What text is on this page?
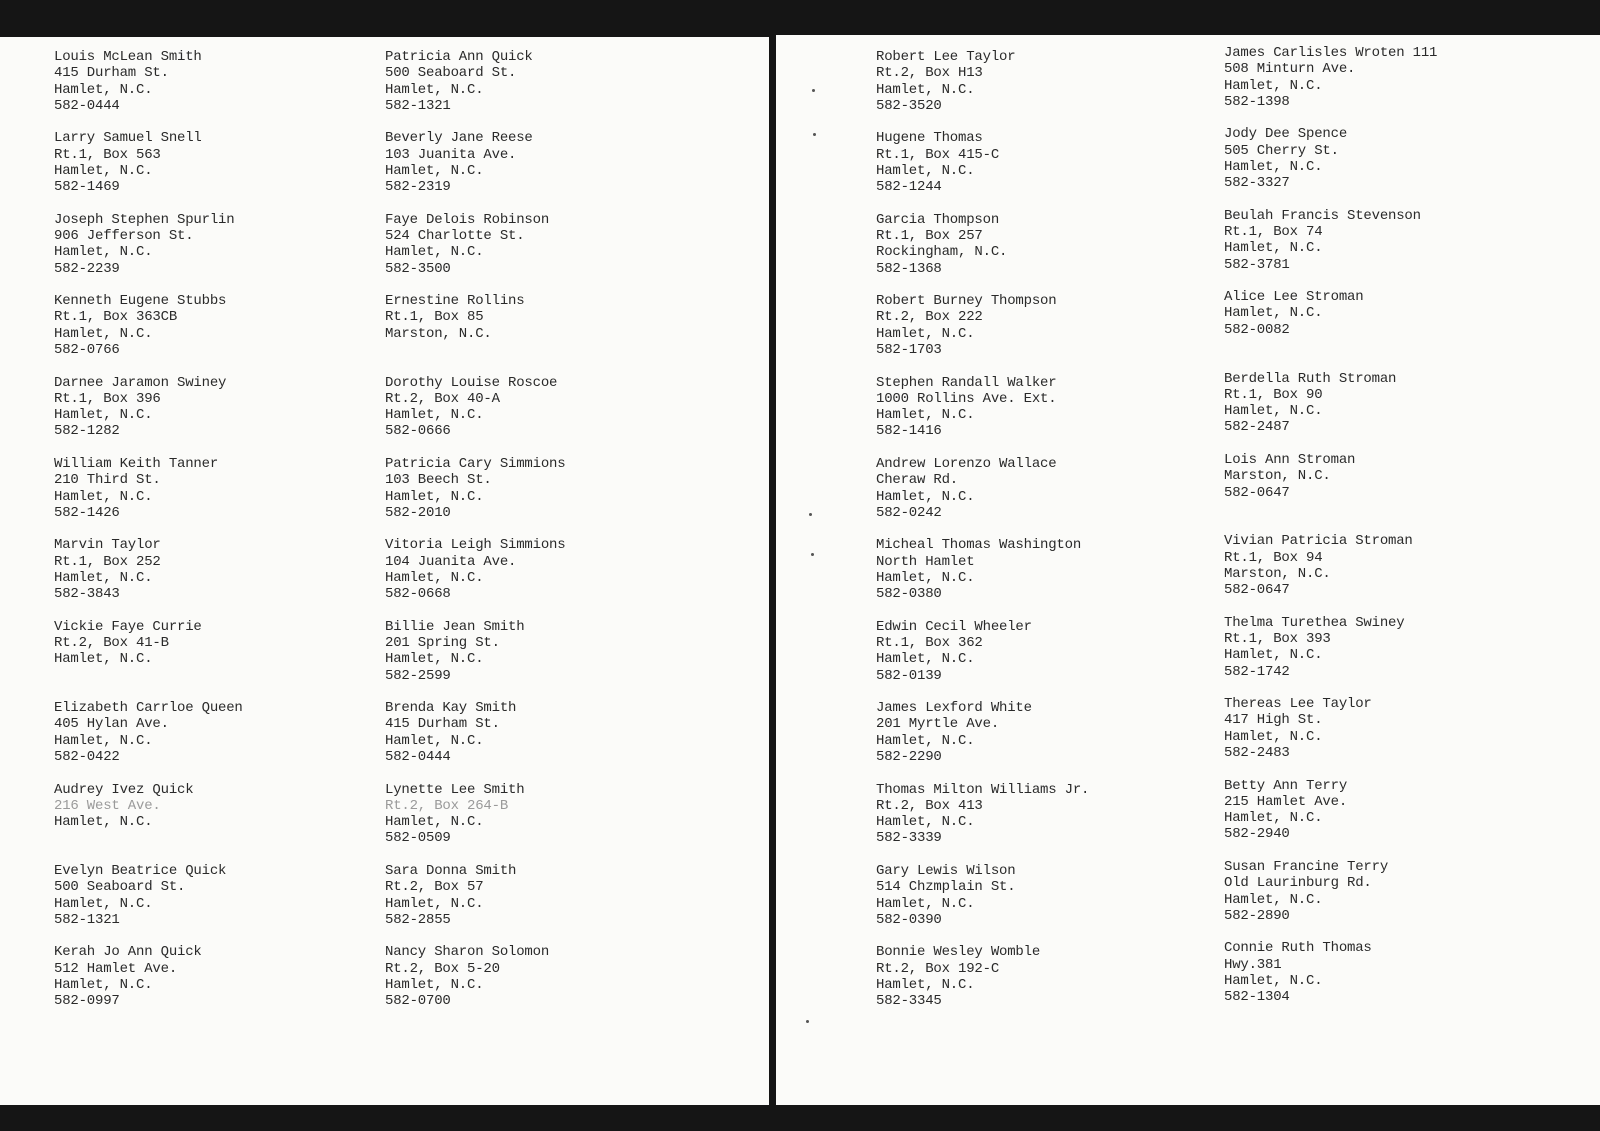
Louis McLean Smith
415 Durham St.
Hamlet, N.C.
582-0444
Larry Samuel Snell
Rt.1, Box 563
Hamlet, N.C.
582-1469
Joseph Stephen Spurlin
906 Jefferson St.
Hamlet, N.C.
582-2239
Kenneth Eugene Stubbs
Rt.1, Box 363CB
Hamlet, N.C.
582-0766
Darnee Jaramon Swiney
Rt.1, Box 396
Hamlet, N.C.
582-1282
William Keith Tanner
210 Third St.
Hamlet, N.C.
582-1426
Marvin Taylor
Rt.1, Box 252
Hamlet, N.C.
582-3843
Vickie Faye Currie
Rt.2, Box 41-B
Hamlet, N.C.
Elizabeth Carrloe Queen
405 Hylan Ave.
Hamlet, N.C.
582-0422
Audrey Ivez Quick
216 West Ave.
Hamlet, N.C.
Evelyn Beatrice Quick
500 Seaboard St.
Hamlet, N.C.
582-1321
Kerah Jo Ann Quick
512 Hamlet Ave.
Hamlet, N.C.
582-0997
Patricia Ann Quick
500 Seaboard St.
Hamlet, N.C.
582-1321
Beverly Jane Reese
103 Juanita Ave.
Hamlet, N.C.
582-2319
Faye Delois Robinson
524 Charlotte St.
Hamlet, N.C.
582-3500
Ernestine Rollins
Rt.1, Box 85
Marston, N.C.
Dorothy Louise Roscoe
Rt.2, Box 40-A
Hamlet, N.C.
582-0666
Patricia Cary Simmions
103 Beech St.
Hamlet, N.C.
582-2010
Vitoria Leigh Simmions
104 Juanita Ave.
Hamlet, N.C.
582-0668
Billie Jean Smith
201 Spring St.
Hamlet, N.C.
582-2599
Brenda Kay Smith
415 Durham St.
Hamlet, N.C.
582-0444
Lynette Lee Smith
Rt.2, Box 264-B
Hamlet, N.C.
582-0509
Sara Donna Smith
Rt.2, Box 57
Hamlet, N.C.
582-2855
Nancy Sharon Solomon
Rt.2, Box 5-20
Hamlet, N.C.
582-0700
Robert Lee Taylor
Rt.2, Box H13
Hamlet, N.C.
582-3520
Hugene Thomas
Rt.1, Box 415-C
Hamlet, N.C.
582-1244
Garcia Thompson
Rt.1, Box 257
Rockingham, N.C.
582-1368
Robert Burney Thompson
Rt.2, Box 222
Hamlet, N.C.
582-1703
Stephen Randall Walker
1000 Rollins Ave. Ext.
Hamlet, N.C.
582-1416
Andrew Lorenzo Wallace
Cheraw Rd.
Hamlet, N.C.
582-0242
Micheal Thomas Washington
North Hamlet
Hamlet, N.C.
582-0380
Edwin Cecil Wheeler
Rt.1, Box 362
Hamlet, N.C.
582-0139
James Lexford White
201 Myrtle Ave.
Hamlet, N.C.
582-2290
Thomas Milton Williams Jr.
Rt.2, Box 413
Hamlet, N.C.
582-3339
Gary Lewis Wilson
514 Chzmplain St.
Hamlet, N.C.
582-0390
Bonnie Wesley Womble
Rt.2, Box 192-C
Hamlet, N.C.
582-3345
James Carlisles Wroten 111
508 Minturn Ave.
Hamlet, N.C.
582-1398
Jody Dee Spence
505 Cherry St.
Hamlet, N.C.
582-3327
Beulah Francis Stevenson
Rt.1, Box 74
Hamlet, N.C.
582-3781
Alice Lee Stroman
Hamlet, N.C.
582-0082
Berdella Ruth Stroman
Rt.1, Box 90
Hamlet, N.C.
582-2487
Lois Ann Stroman
Marston, N.C.
582-0647
Vivian Patricia Stroman
Rt.1, Box 94
Marston, N.C.
582-0647
Thelma Turethea Swiney
Rt.1, Box 393
Hamlet, N.C.
582-1742
Thereas Lee Taylor
417 High St.
Hamlet, N.C.
582-2483
Betty Ann Terry
215 Hamlet Ave.
Hamlet, N.C.
582-2940
Susan Francine Terry
Old Laurinburg Rd.
Hamlet, N.C.
582-2890
Connie Ruth Thomas
Hwy.381
Hamlet, N.C.
582-1304
